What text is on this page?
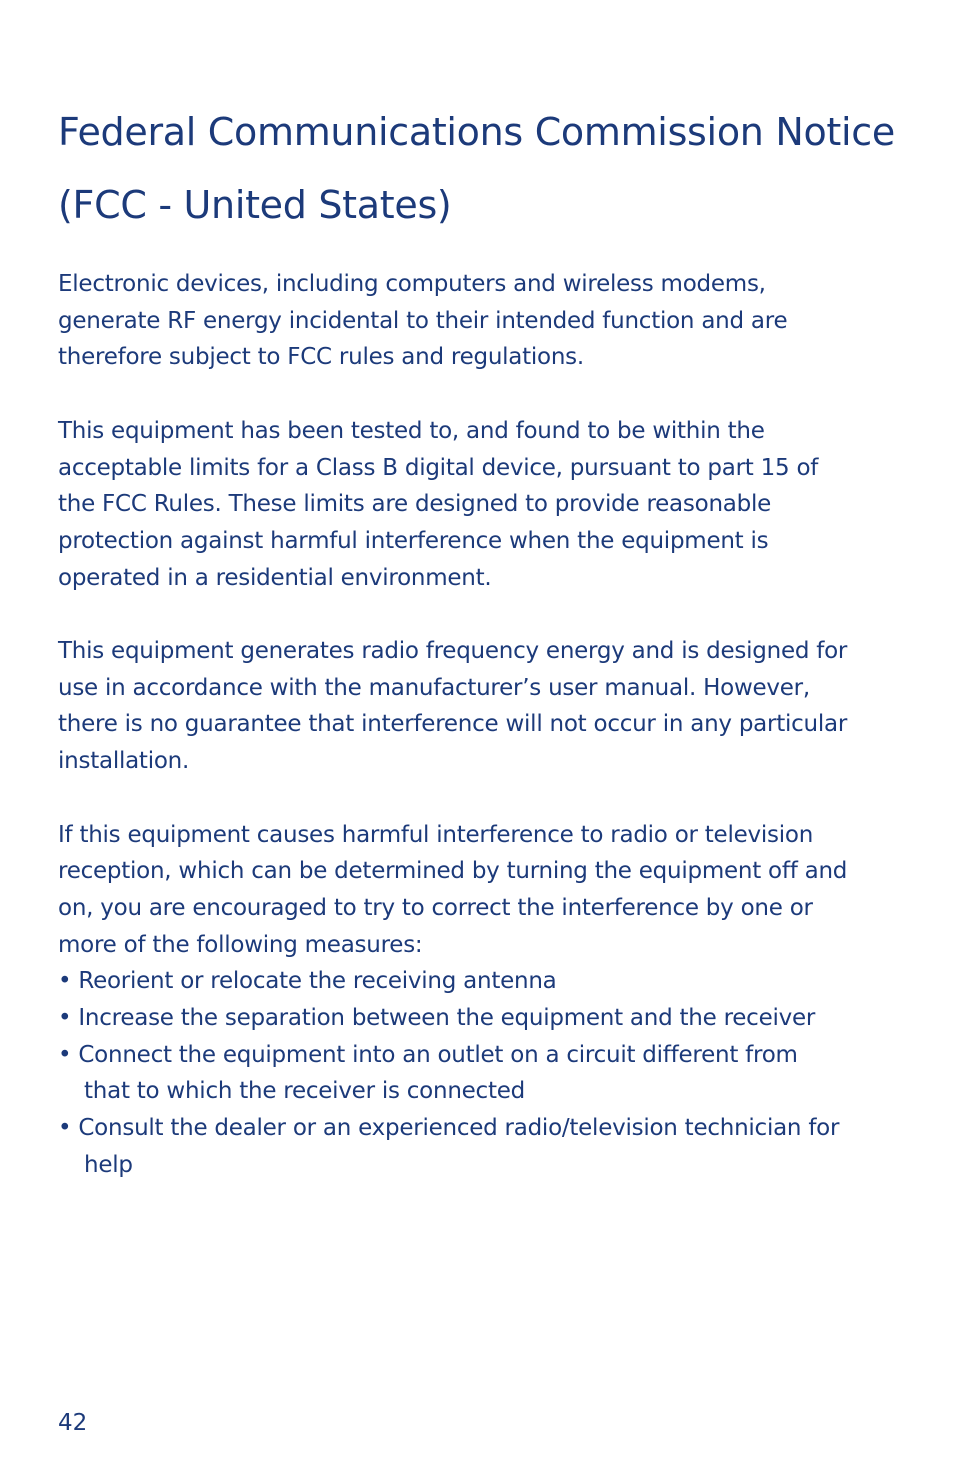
Federal Communications Commission Notice
(FCC - United States)

Electronic devices, including computers and wireless modems,
generate RF energy incidental to their intended function and are
therefore subject to FCC rules and regulations.

This equipment has been tested to, and found to be within the
acceptable limits for a Class B digital device, pursuant to part 15 of
the FCC Rules. These limits are designed to provide reasonable
protection against harmful interference when the equipment is
operated in a residential environment.

This equipment generates radio frequency energy and is designed for
use in accordance with the manufacturer’s user manual. However,
there is no guarantee that interference will not occur in any particular
installation.

If this equipment causes harmful interference to radio or television
reception, which can be determined by turning the equipment off and
on, you are encouraged to try to correct the interference by one or
more of the following measures:

• Reorient or relocate the receiving antenna
• Increase the separation between the equipment and the receiver
• Connect the equipment into an outlet on a circuit different from
that to which the receiver is connected
• Consult the dealer or an experienced radio/television technician for
help
42
